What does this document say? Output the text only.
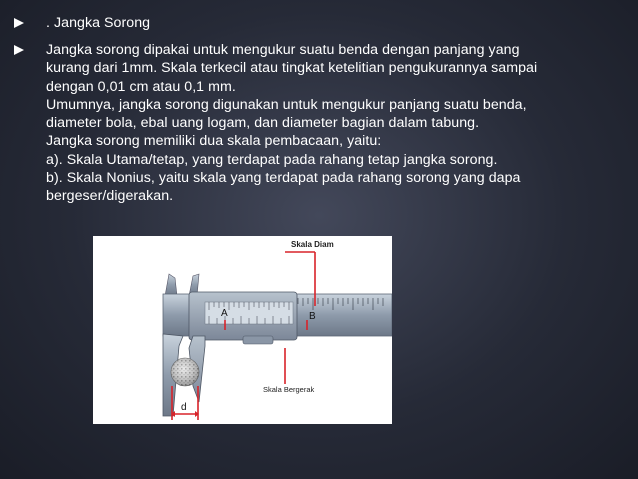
. Jangka Sorong
Jangka sorong dipakai untuk mengukur suatu benda dengan panjang yang
kurang dari 1mm. Skala terkecil atau tingkat ketelitian pengukurannya sampai
dengan 0,01 cm atau 0,1 mm.
Umumnya, jangka sorong digunakan untuk mengukur panjang suatu benda,
diameter bola, ebal uang logam, dan diameter bagian dalam tabung.
Jangka sorong memiliki dua skala pembacaan, yaitu:
a). Skala Utama/tetap, yang terdapat pada rahang tetap jangka sorong.
b). Skala Nonius, yaitu skala yang terdapat pada rahang sorong yang dapa
bergeser/digerakan.
Skala Diam
Skala Bergerak
A	B
d
